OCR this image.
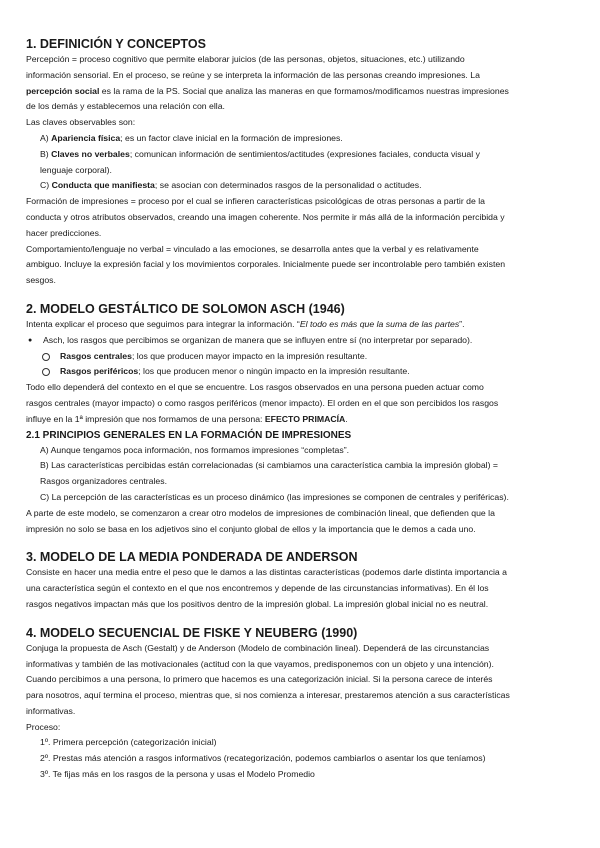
1. DEFINICIÓN Y CONCEPTOS

Percepción = proceso cognitivo que permite elaborar juicios (de las personas, objetos, situaciones, etc.) utilizando

información sensorial. En el proceso, se reúne y se interpreta la información de las personas creando impresiones. La

percepción social es la rama de la PS. Social que analiza las maneras en que formamos/modificamos nuestras impresiones

de los demás y establecemos una relación con ella.

Las claves observables son:

A) Apariencia física; es un factor clave inicial en la formación de impresiones.

B) Claves no verbales; comunican información de sentimientos/actitudes (expresiones faciales, conducta visual y

lenguaje corporal).

C) Conducta que manifiesta; se asocian con determinados rasgos de la personalidad o actitudes.

Formación de impresiones = proceso por el cual se infieren características psicológicas de otras personas a partir de la

conducta y otros atributos observados, creando una imagen coherente. Nos permite ir más allá de la información percibida y

hacer predicciones.

Comportamiento/lenguaje no verbal = vinculado a las emociones, se desarrolla antes que la verbal y es relativamente

ambiguo. Incluye la expresión facial y los movimientos corporales. Inicialmente puede ser incontrolable pero también existen

sesgos.

2. MODELO GESTÁLTICO DE SOLOMON ASCH (1946)

Intenta explicar el proceso que seguimos para integrar la información. “El todo es más que la suma de las partes”.

● Asch, los rasgos que percibimos se organizan de manera que se influyen entre sí (no interpretar por separado).

Rasgos centrales; los que producen mayor impacto en la impresión resultante.

Rasgos periféricos; los que producen menor o ningún impacto en la impresión resultante.

Todo ello dependerá del contexto en el que se encuentre. Los rasgos observados en una persona pueden actuar como

rasgos centrales (mayor impacto) o como rasgos periféricos (menor impacto). El orden en el que son percibidos los rasgos

influye en la 1ª impresión que nos formamos de una persona: EFECTO PRIMACÍA.

2.1 PRINCIPIOS GENERALES EN LA FORMACIÓN DE IMPRESIONES

A) Aunque tengamos poca información, nos formamos impresiones “completas”.

B) Las características percibidas están correlacionadas (si cambiamos una característica cambia la impresión global) =

Rasgos organizadores centrales.

C) La percepción de las características es un proceso dinámico (las impresiones se componen de centrales y periféricas).

A parte de este modelo, se comenzaron a crear otro modelos de impresiones de combinación lineal, que defienden que la

impresión no solo se basa en los adjetivos sino el conjunto global de ellos y la importancia que le demos a cada uno.

3. MODELO DE LA MEDIA PONDERADA DE ANDERSON

Consiste en hacer una media entre el peso que le damos a las distintas características (podemos darle distinta importancia a

una característica según el contexto en el que nos encontremos y depende de las circunstancias informativas). En él los

rasgos negativos impactan más que los positivos dentro de la impresión global. La impresión global inicial no es neutral.

4. MODELO SECUENCIAL DE FISKE Y NEUBERG (1990)

Conjuga la propuesta de Asch (Gestalt) y de Anderson (Modelo de combinación lineal). Dependerá de las circunstancias

informativas y también de las motivacionales (actitud con la que vayamos, predisponemos con un objeto y una intención).

Cuando percibimos a una persona, lo primero que hacemos es una categorización inicial. Si la persona carece de interés

para nosotros, aquí termina el proceso, mientras que, si nos comienza a interesar, prestaremos atención a sus características

informativas.

Proceso:

1º. Primera percepción (categorización inicial)

2º. Prestas más atención a rasgos informativos (recategorización, podemos cambiarlos o asentar los que teníamos)

3º. Te fijas más en los rasgos de la persona y usas el Modelo Promedio
